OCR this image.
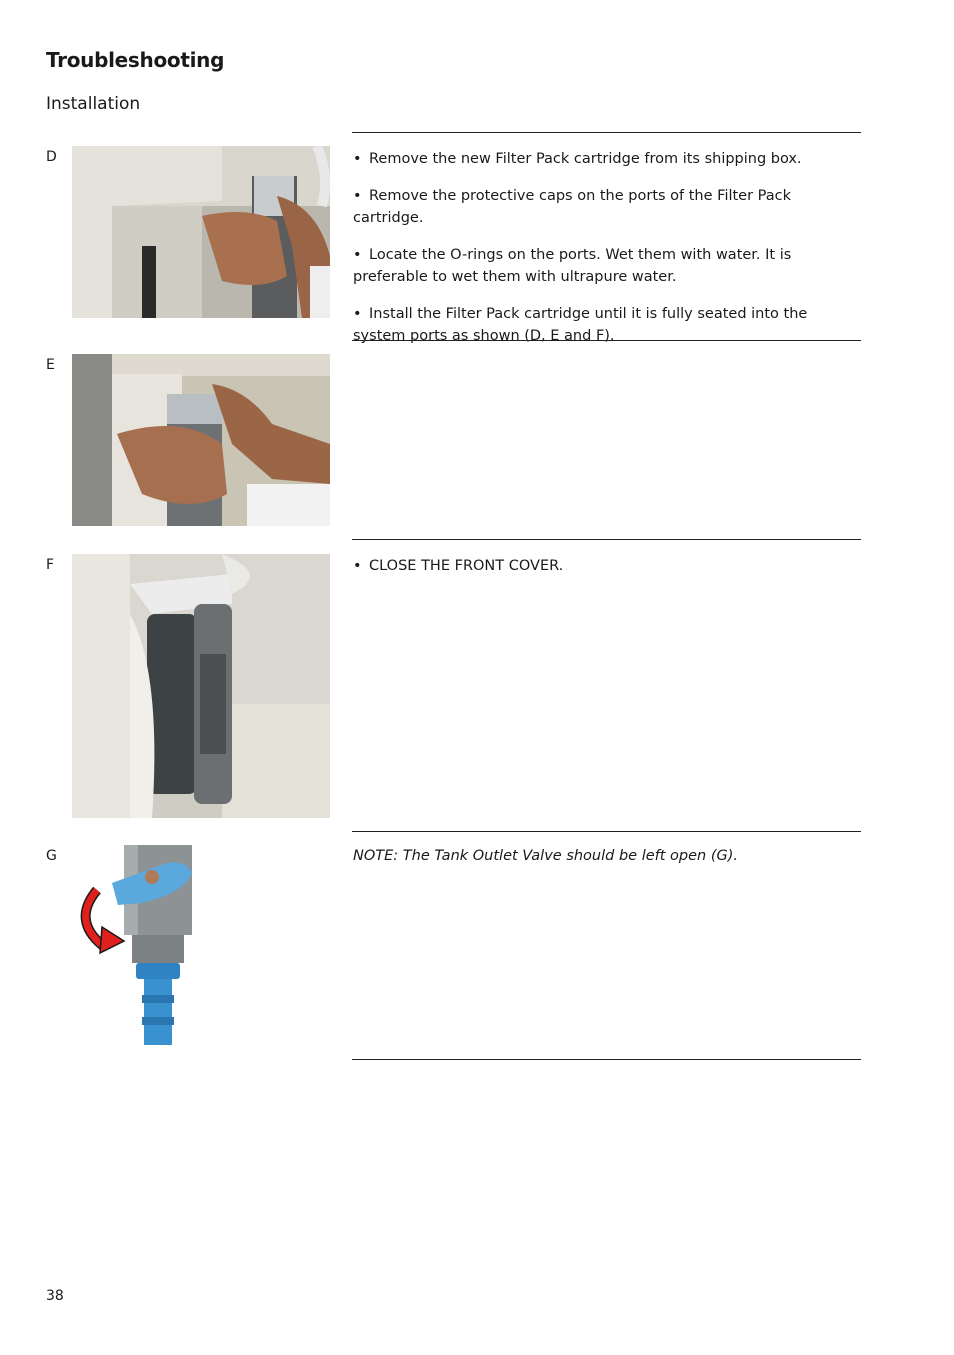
Troubleshooting
Installation
D	• Remove the new Filter Pack cartridge from its shipping box.

• Remove the protective caps on the ports of the Filter Pack cartridge.

• Locate the O-rings on the ports. Wet them with water. It is preferable to wet them with ultrapure water.

• Install the Filter Pack cartridge until it is fully seated into the system ports as shown (D, E and F).

E
F	• CLOSE THE FRONT COVER.

G	NOTE: The Tank Outlet Valve should be left open (G).

38
